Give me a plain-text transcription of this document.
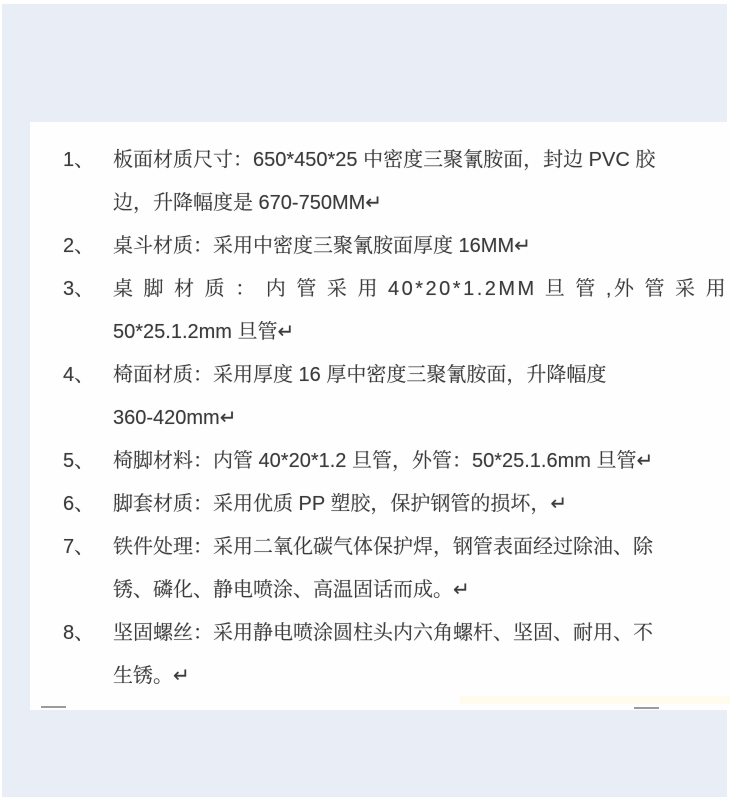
1、 板面材质尺寸：650*450*25 中密度三聚氰胺面，封边 PVC 胶
边，升降幅度是 670-750MM↵
2、 桌斗材质：采用中密度三聚氰胺面厚度 16MM↵
3、 桌 脚 材 质 ： 内 管 采 用 40*20*1.2MM 旦 管 ,外 管 采 用
50*25.1.2mm 旦管↵
4、 椅面材质：采用厚度 16 厚中密度三聚氰胺面，升降幅度
360-420mm↵
5、 椅脚材料：内管 40*20*1.2 旦管，外管：50*25.1.6mm 旦管↵
6、 脚套材质：采用优质 PP 塑胶，保护钢管的损坏，↵
7、 铁件处理：采用二氧化碳气体保护焊，钢管表面经过除油、除
锈、磷化、静电喷涂、高温固话而成。↵
8、 坚固螺丝：采用静电喷涂圆柱头内六角螺杆、坚固、耐用、不
生锈。↵
